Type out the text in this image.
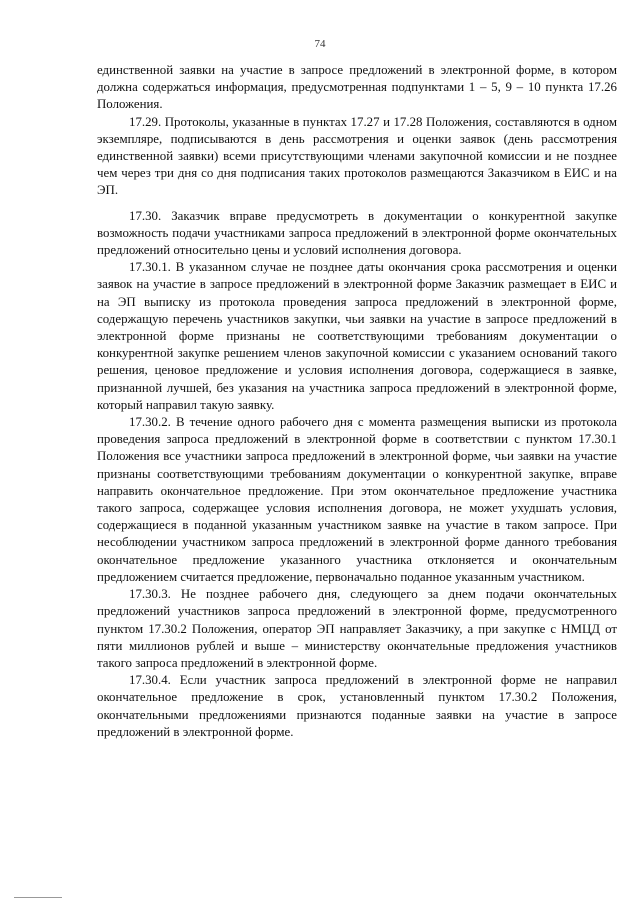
74

единственной заявки на участие в запросе предложений в электронной форме, в котором должна содержаться информация, предусмотренная подпунктами 1 – 5, 9 – 10 пункта 17.26 Положения.

17.29. Протоколы, указанные в пунктах 17.27 и 17.28 Положения, составляются в одном экземпляре, подписываются в день рассмотрения и оценки заявок (день рассмотрения единственной заявки) всеми присутствующими членами закупочной комиссии и не позднее чем через три дня со дня подписания таких протоколов размещаются Заказчиком в ЕИС и на ЭП.

17.30. Заказчик вправе предусмотреть в документации о конкурентной закупке возможность подачи участниками запроса предложений в электронной форме окончательных предложений относительно цены и условий исполнения договора.

17.30.1. В указанном случае не позднее даты окончания срока рассмотрения и оценки заявок на участие в запросе предложений в электронной форме Заказчик размещает в ЕИС и на ЭП выписку из протокола проведения запроса предложений в электронной форме, содержащую перечень участников закупки, чьи заявки на участие в запросе предложений в электронной форме признаны не соответствующими требованиям документации о конкурентной закупке решением членов закупочной комиссии с указанием оснований такого решения, ценовое предложение и условия исполнения договора, содержащиеся в заявке, признанной лучшей, без указания на участника запроса предложений в электронной форме, который направил такую заявку.

17.30.2. В течение одного рабочего дня с момента размещения выписки из протокола проведения запроса предложений в электронной форме в соответствии с пунктом 17.30.1 Положения все участники запроса предложений в электронной форме, чьи заявки на участие признаны соответствующими требованиям документации о конкурентной закупке, вправе направить окончательное предложение. При этом окончательное предложение участника такого запроса, содержащее условия исполнения договора, не может ухудшать условия, содержащиеся в поданной указанным участником заявке на участие в таком запросе. При несоблюдении участником запроса предложений в электронной форме данного требования окончательное предложение указанного участника отклоняется и окончательным предложением считается предложение, первоначально поданное указанным участником.

17.30.3. Не позднее рабочего дня, следующего за днем подачи окончательных предложений участников запроса предложений в электронной форме, предусмотренного пунктом 17.30.2 Положения, оператор ЭП направляет Заказчику, а при закупке с НМЦД от пяти миллионов рублей и выше – министерству окончательные предложения участников такого запроса предложений в электронной форме.

17.30.4. Если участник запроса предложений в электронной форме не направил окончательное предложение в срок, установленный пунктом 17.30.2 Положения, окончательными предложениями признаются поданные заявки на участие в запросе предложений в электронной форме.
